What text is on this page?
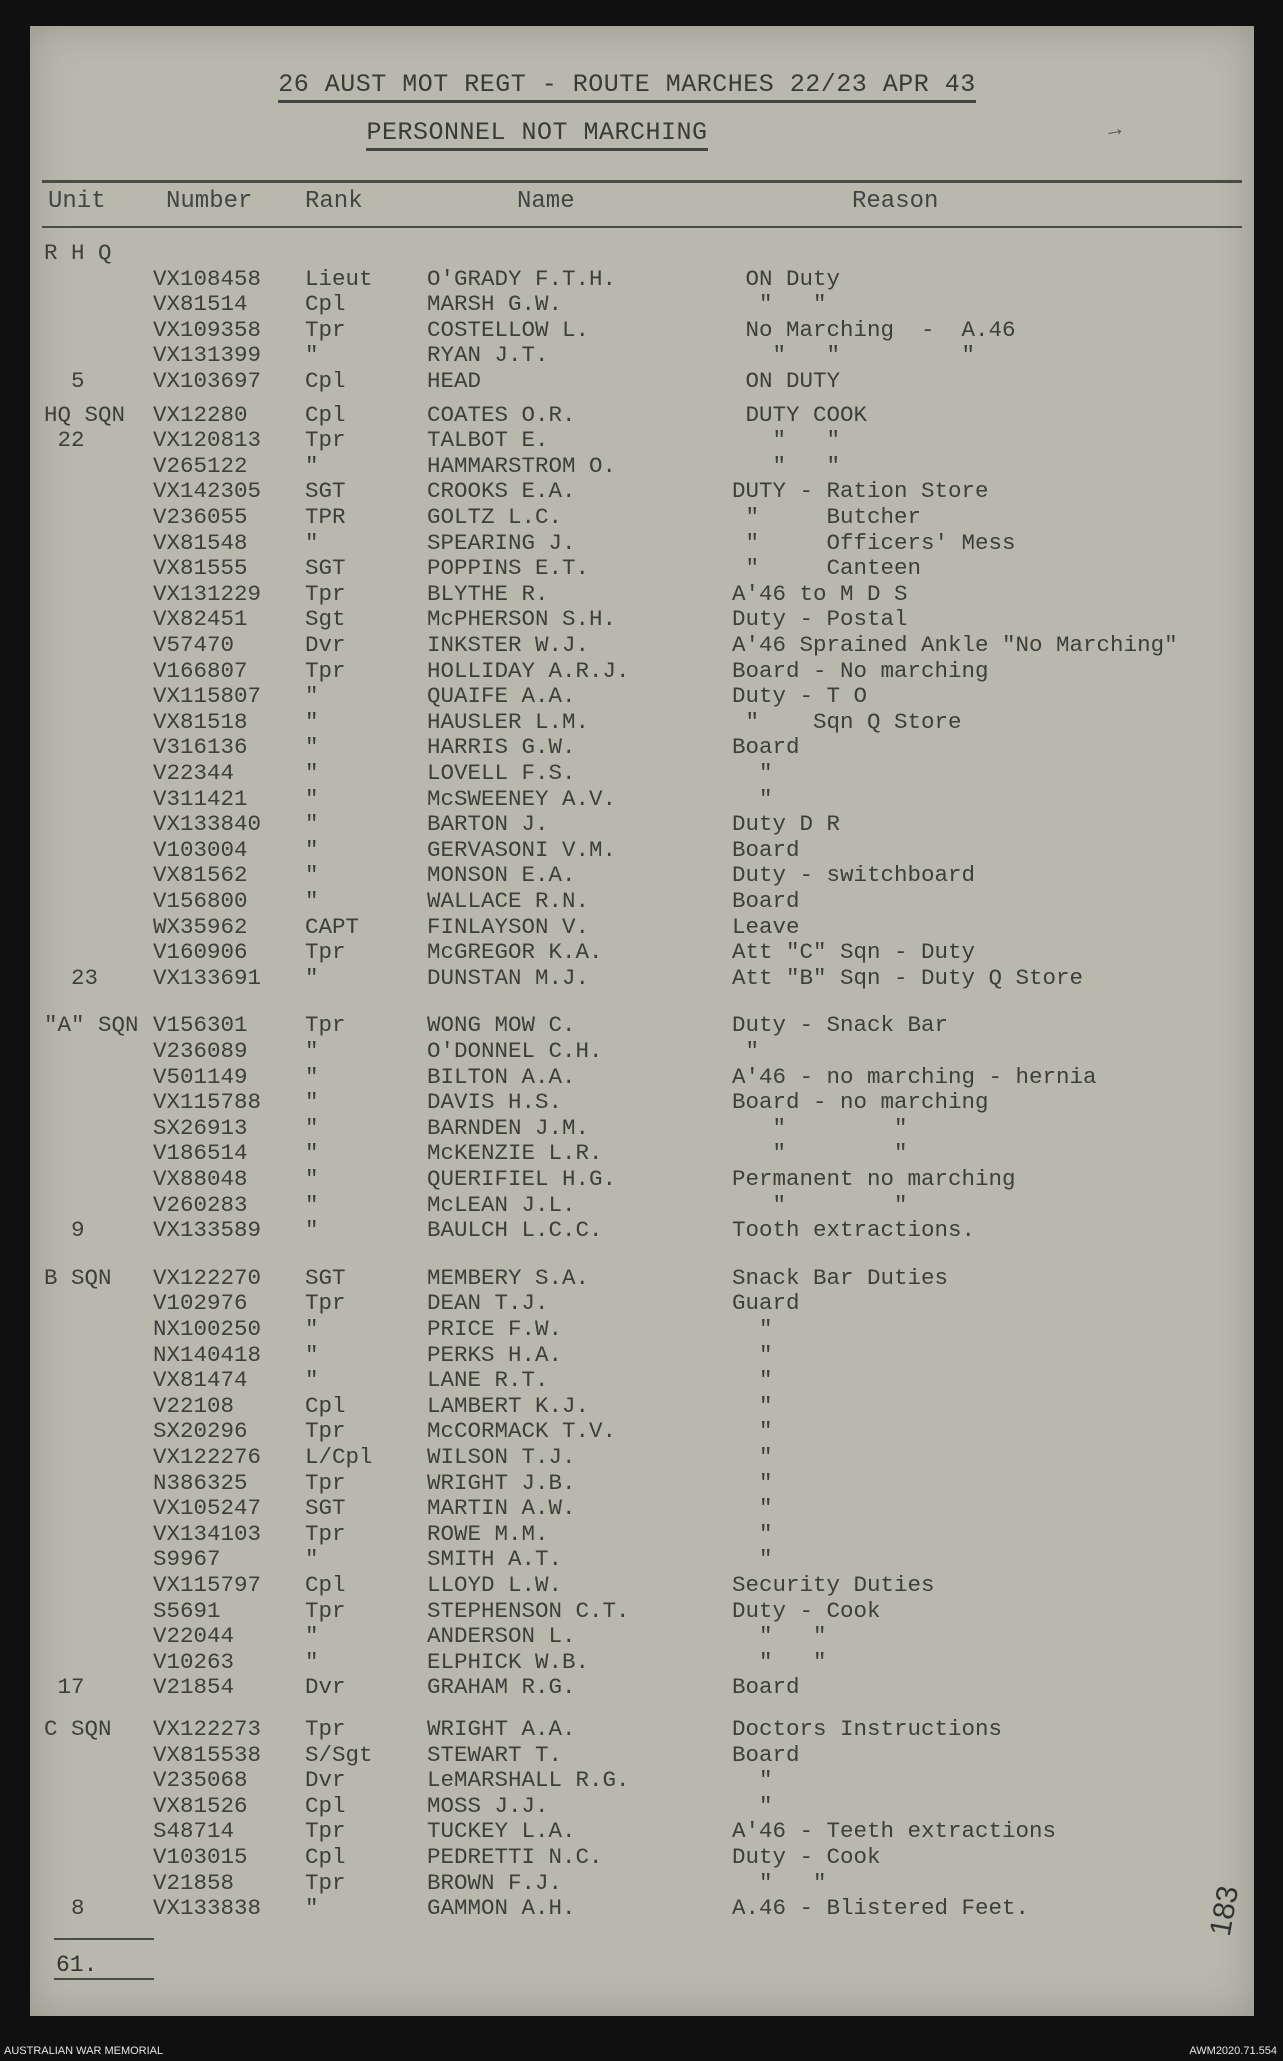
26 AUST MOT REGT - ROUTE MARCHES 22/23 APR 43
PERSONNEL NOT MARCHING	→
Unit	Number Rank	Name	Reason
R H Q
VX108458 Lieut O'GRADY F.T.H.	ON Duty
VX81514	Cpl	MARSH G.W.	"   "
VX109358 Tpr	COSTELLOW L.	No Marching  -  A.46
VX131399 "	RYAN J.T.	"   "         "
5	VX103697 Cpl	HEAD	ON DUTY
HQ SQN VX12280	Cpl	COATES O.R.	DUTY COOK
22	VX120813 Tpr	TALBOT E.	"   "
V265122	"	HAMMARSTROM O.	"   "
VX142305 SGT	CROOKS E.A.	DUTY - Ration Store
V236055	TPR	GOLTZ L.C.	"     Butcher
VX81548	"	SPEARING J.	"     Officers' Mess
VX81555	SGT	POPPINS E.T.	"     Canteen
VX131229 Tpr	BLYTHE R.	A'46 to M D S
VX82451	Sgt	McPHERSON S.H.	Duty - Postal
V57470	Dvr	INKSTER W.J.	A'46 Sprained Ankle "No Marching"
V166807	Tpr	HOLLIDAY A.R.J.	Board - No marching
VX115807 "	QUAIFE A.A.	Duty - T O
VX81518	"	HAUSLER L.M.	"    Sqn Q Store
V316136	"	HARRIS G.W.	Board
V22344	"	LOVELL F.S.	"
V311421	"	McSWEENEY A.V.	"
VX133840 "	BARTON J.	Duty D R
V103004	"	GERVASONI V.M.	Board
VX81562	"	MONSON E.A.	Duty - switchboard
V156800	"	WALLACE R.N.	Board
WX35962	CAPT	FINLAYSON V.	Leave
V160906	Tpr	McGREGOR K.A.	Att "C" Sqn - Duty
23 VX133691 "	DUNSTAN M.J.	Att "B" Sqn - Duty Q Store
"A" SQN V156301	Tpr	WONG MOW C.	Duty - Snack Bar
V236089	"	O'DONNEL C.H.	"
V501149	"	BILTON A.A.	A'46 - no marching - hernia
VX115788 "	DAVIS H.S.	Board - no marching
SX26913	"	BARNDEN J.M.	"        "
V186514	"	McKENZIE L.R.	"        "
VX88048	"	QUERIFIEL H.G.	Permanent no marching
V260283	"	McLEAN J.L.	"        "
9	VX133589 "	BAULCH L.C.C.	Tooth extractions.
B SQN VX122270 SGT	MEMBERY S.A.	Snack Bar Duties
V102976	Tpr	DEAN T.J.	Guard
NX100250 "	PRICE F.W.	"
NX140418 "	PERKS H.A.	"
VX81474	"	LANE R.T.	"
V22108	Cpl	LAMBERT K.J.	"
SX20296	Tpr	McCORMACK T.V.	"
VX122276 L/Cpl WILSON T.J.	"
N386325	Tpr	WRIGHT J.B.	"
VX105247 SGT	MARTIN A.W.	"
VX134103 Tpr	ROWE M.M.	"
S9967	"	SMITH A.T.	"
VX115797 Cpl	LLOYD L.W.	Security Duties
S5691	Tpr	STEPHENSON C.T.	Duty - Cook
V22044	"	ANDERSON L.	"   "
V10263	"	ELPHICK W.B.	"   "
17	V21854	Dvr	GRAHAM R.G.	Board
C SQN VX122273 Tpr	WRIGHT A.A.	Doctors Instructions
VX815538 S/Sgt STEWART T.	Board
V235068	Dvr	LeMARSHALL R.G.	"
VX81526	Cpl	MOSS J.J.	"
S48714	Tpr	TUCKEY L.A.	A'46 - Teeth extractions
V103015	Cpl	PEDRETTI N.C.	Duty - Cook
V21858	Tpr	BROWN F.J.	"   "
8	VX133838 "	GAMMON A.H.	A.46 - Blistered Feet.
61.
183
AUSTRALIAN WAR MEMORIAL	AWM2020.71.554
